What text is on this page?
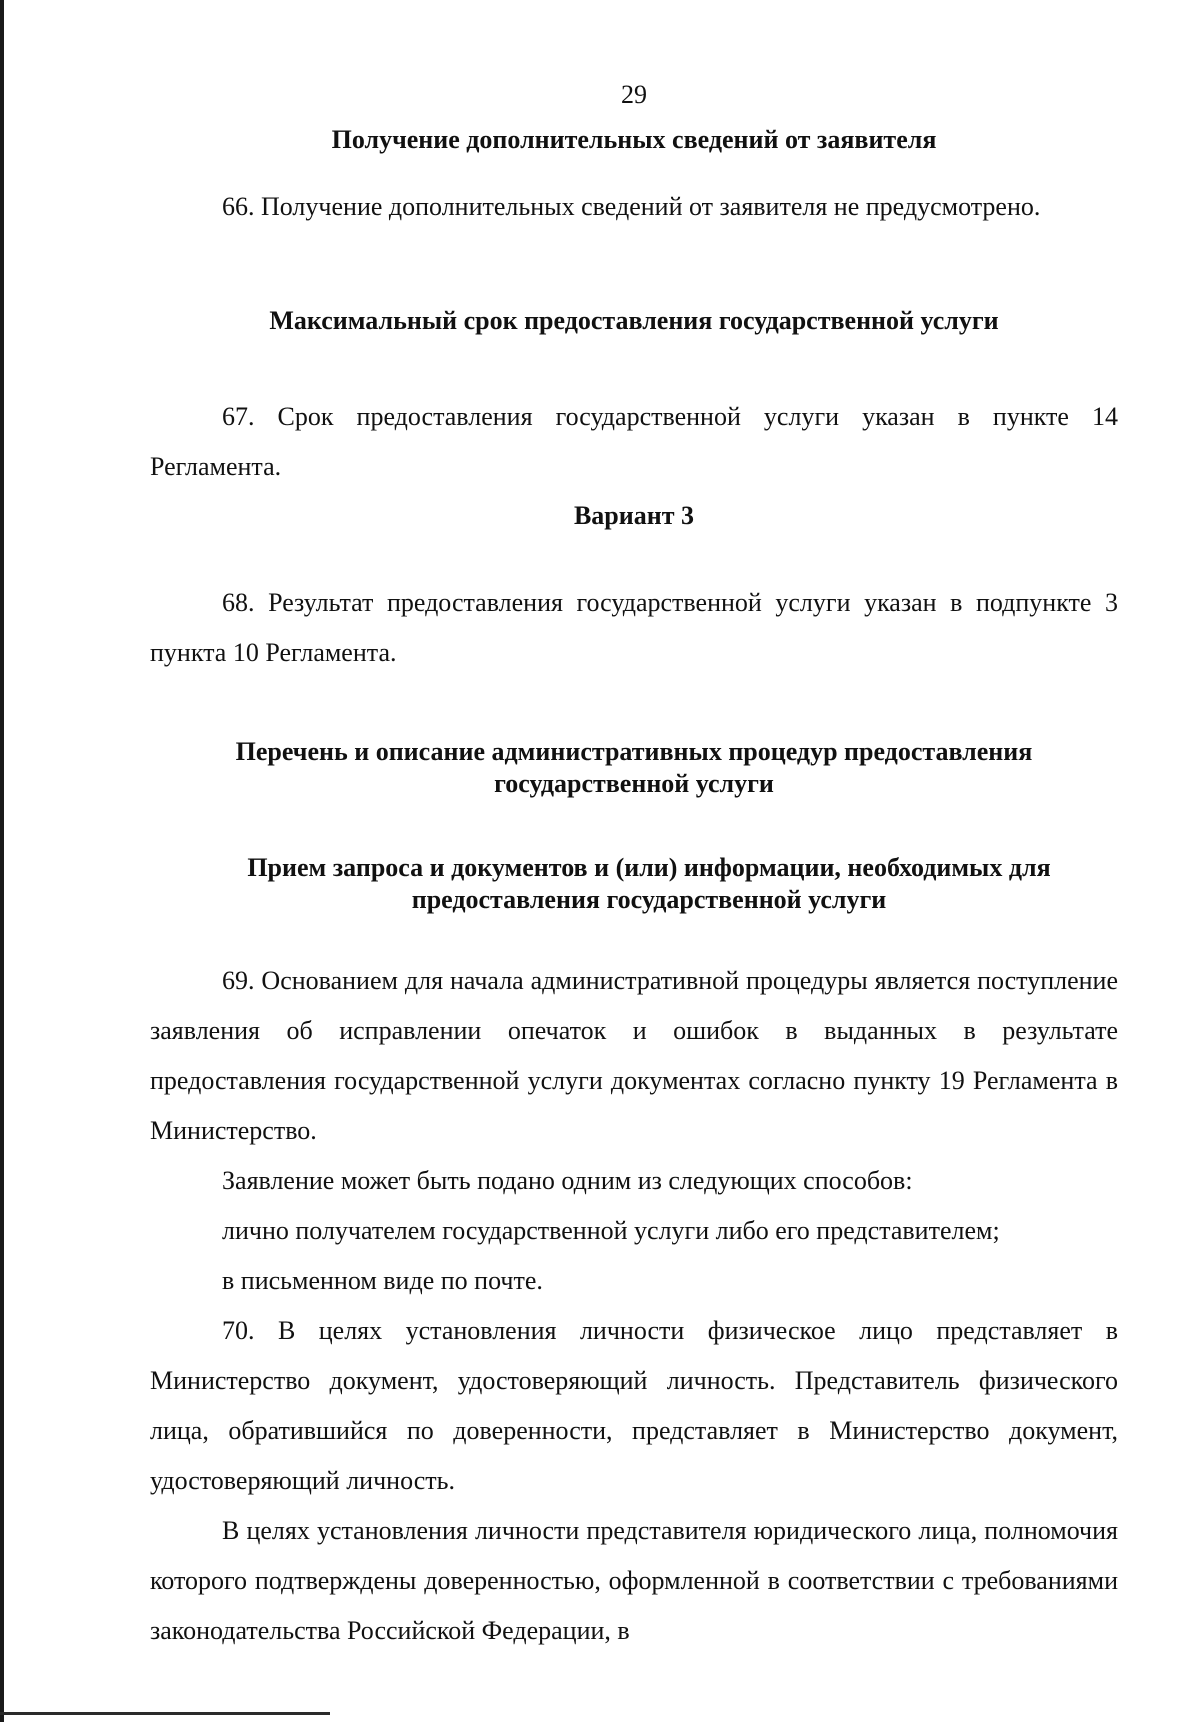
29
Получение дополнительных сведений от заявителя

66. Получение дополнительных сведений от заявителя не предусмотрено.

Максимальный срок предоставления государственной услуги

67. Срок предоставления государственной услуги указан в пункте 14 Регламента.

Вариант 3

68. Результат предоставления государственной услуги указан в подпункте 3 пункта 10 Регламента.

Перечень и описание административных процедур предоставления государственной услуги
Прием запроса и документов и (или) информации, необходимых для предоставления государственной услуги

69. Основанием для начала административной процедуры является поступление заявления об исправлении опечаток и ошибок в выданных в результате предоставления государственной услуги документах согласно пункту 19 Регламента в Министерство.

Заявление может быть подано одним из следующих способов:

лично получателем государственной услуги либо его представителем;

в письменном виде по почте.

70. В целях установления личности физическое лицо представляет в Министерство документ, удостоверяющий личность. Представитель физического лица, обратившийся по доверенности, представляет в Министерство документ, удостоверяющий личность.

В целях установления личности представителя юридического лица, полномочия которого подтверждены доверенностью, оформленной в соответствии с требованиями законодательства Российской Федерации, в
